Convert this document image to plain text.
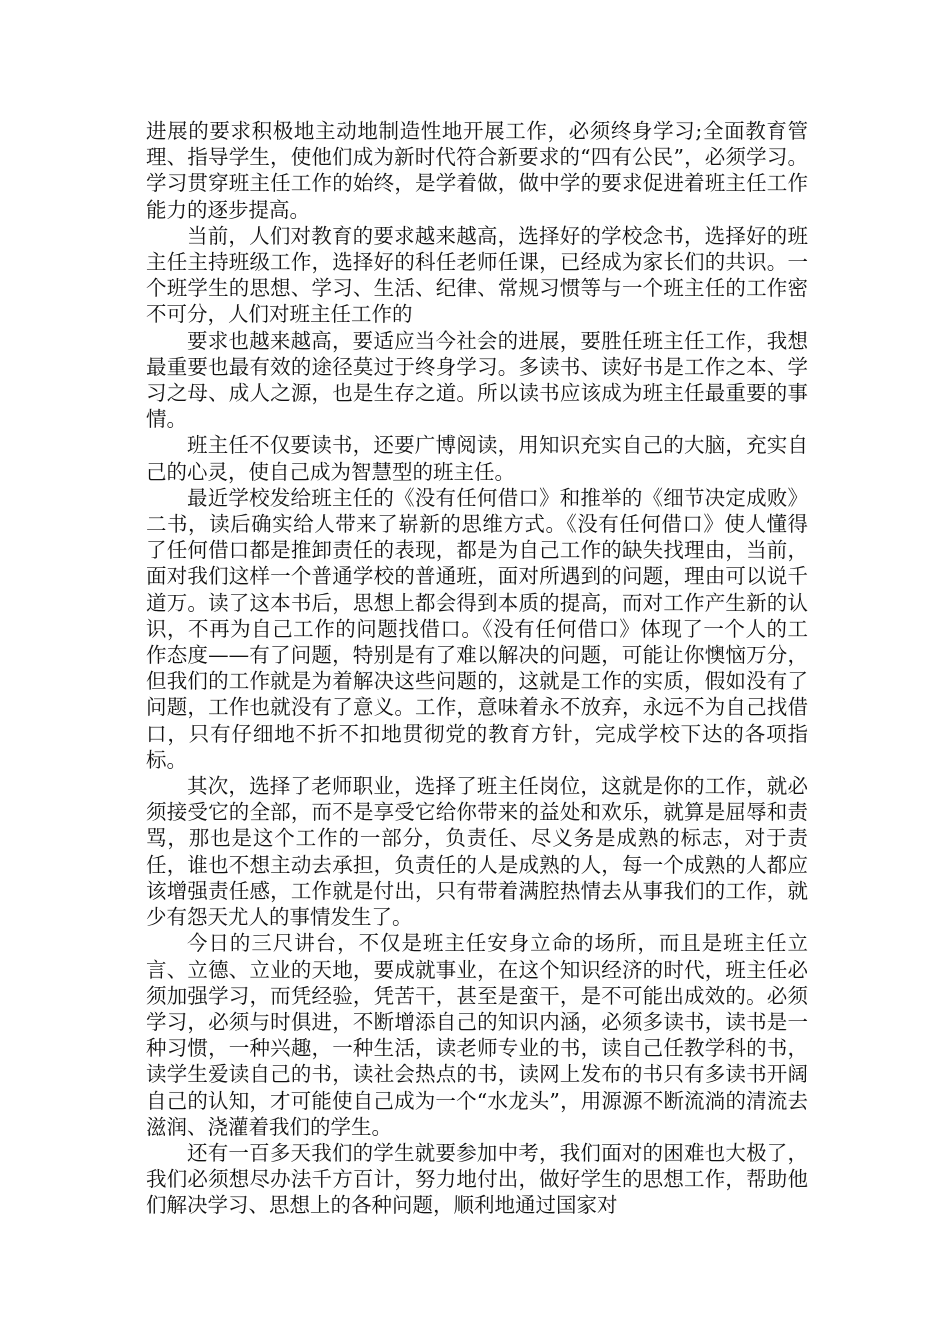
进展的要求积极地主动地制造性地开展工作，必须终身学习;全面教育管理、指导学生，使他们成为新时代符合新要求的“四有公民”，必须学习。学习贯穿班主任工作的始终，是学着做，做中学的要求促进着班主任工作能力的逐步提高。

当前，人们对教育的要求越来越高，选择好的学校念书，选择好的班主任主持班级工作，选择好的科任老师任课，已经成为家长们的共识。一个班学生的思想、学习、生活、纪律、常规习惯等与一个班主任的工作密不可分，人们对班主任工作的

要求也越来越高，要适应当今社会的进展，要胜任班主任工作，我想最重要也最有效的途径莫过于终身学习。多读书、读好书是工作之本、学习之母、成人之源，也是生存之道。所以读书应该成为班主任最重要的事情。

班主任不仅要读书，还要广博阅读，用知识充实自己的大脑，充实自己的心灵，使自己成为智慧型的班主任。

最近学校发给班主任的《没有任何借口》和推举的《细节决定成败》二书，读后确实给人带来了崭新的思维方式。《没有任何借口》使人懂得了任何借口都是推卸责任的表现，都是为自己工作的缺失找理由，当前，面对我们这样一个普通学校的普通班，面对所遇到的问题，理由可以说千道万。读了这本书后，思想上都会得到本质的提高，而对工作产生新的认识，不再为自己工作的问题找借口。《没有任何借口》体现了一个人的工作态度——有了问题，特别是有了难以解决的问题，可能让你懊恼万分，但我们的工作就是为着解决这些问题的，这就是工作的实质，假如没有了问题，工作也就没有了意义。工作，意味着永不放弃，永远不为自己找借口，只有仔细地不折不扣地贯彻党的教育方针，完成学校下达的各项指标。

其次，选择了老师职业，选择了班主任岗位，这就是你的工作，就必须接受它的全部，而不是享受它给你带来的益处和欢乐，就算是屈辱和责骂，那也是这个工作的一部分，负责任、尽义务是成熟的标志，对于责任，谁也不想主动去承担，负责任的人是成熟的人，每一个成熟的人都应该增强责任感，工作就是付出，只有带着满腔热情去从事我们的工作，就少有怨天尤人的事情发生了。

今日的三尺讲台，不仅是班主任安身立命的场所，而且是班主任立言、立德、立业的天地，要成就事业，在这个知识经济的时代，班主任必须加强学习，而凭经验，凭苦干，甚至是蛮干，是不可能出成效的。必须学习，必须与时俱进，不断增添自己的知识内涵，必须多读书，读书是一种习惯，一种兴趣，一种生活，读老师专业的书，读自己任教学科的书，读学生爱读自己的书，读社会热点的书，读网上发布的书只有多读书开阔自己的认知，才可能使自己成为一个“水龙头”，用源源不断流淌的清流去滋润、浇灌着我们的学生。

还有一百多天我们的学生就要参加中考，我们面对的困难也大极了，我们必须想尽办法千方百计，努力地付出，做好学生的思想工作，帮助他们解决学习、思想上的各种问题，顺利地通过国家对
